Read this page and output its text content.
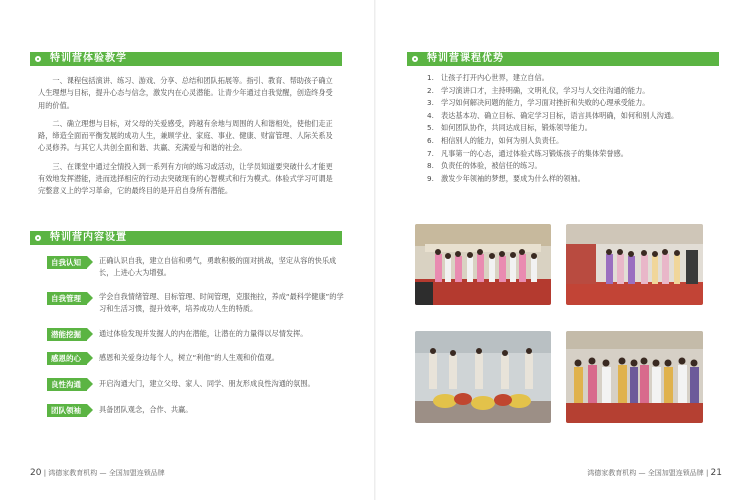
特训营体验教学

一、课程包括演讲、练习、游戏、分享、总结和团队拓展等。指引、教育、帮助孩子确立人生理想与目标，提升心态与信念，激发内在心灵潜能。让青少年通过自我觉醒，创造终身受用的价值。

二、确立理想与目标，对父母的关爱感受，跨越有余地与周围的人和谐相处，使他们走正路，缔造全面而平衡发展的成功人生，兼顾学业、家庭、事业、健康、财富管理、人际关系及心灵修养。与其它人共创全面和谐、共赢、充满爱与和谐的社会。

三、在课堂中通过全情投入到一系列有方向的练习或活动，让学员知道要突破什么才能更有效地发挥潜能，进而选择相应的行动去突破现有的心智模式和行为模式。体验式学习可谓是完整意义上的学习革命，它的最终目的是开启自身所有潜能。

特训营内容设置
自我认知	正确认识自我，建立自信和勇气，勇敢积极的面对挑战，坚定从容的快乐成长，上进心大为增强。
自我管理	学会自我情绪管理、目标管理、时间管理，克服拖拉，养成“最科学健康”的学习和生活习惯，提升效率，培养成功人生的特质。
潜能挖掘	通过体验发现并发掘人的内在潜能，让潜在的力量得以尽情发挥。
感恩的心	感恩和关爱身边每个人，树立“利他”的人生观和价值观。
良性沟通	开启沟通大门，建立父母、家人、同学、朋友形成良性沟通的氛围。
团队领袖	具备团队观念，合作、共赢。
20 | 鸿德家教育机构 — 全国加盟连锁品牌
特训营课程优势
1.　让孩子打开内心世界，建立自信。
2.　学习演讲口才，主持明确，文明礼仪，学习与人交往沟通的能力。
3.　学习如何解决问题的能力，学习面对挫折和失败的心理承受能力。
4.　表达基本功、确立目标、确定学习目标，语言具体明确，如何和别人沟通。
5.　如何团队协作，共同达成目标，锻炼领导能力。
6.　相信别人的能力，如何为别人负责任。
7.　凡事第一的心态，通过体验式练习锻炼孩子的集体荣誉感。
8.　负责任的体验，被信任的练习。
9.　激发少年领袖的梦想，要成为什么样的领袖。
鸿德家教育机构 — 全国加盟连锁品牌 | 21
